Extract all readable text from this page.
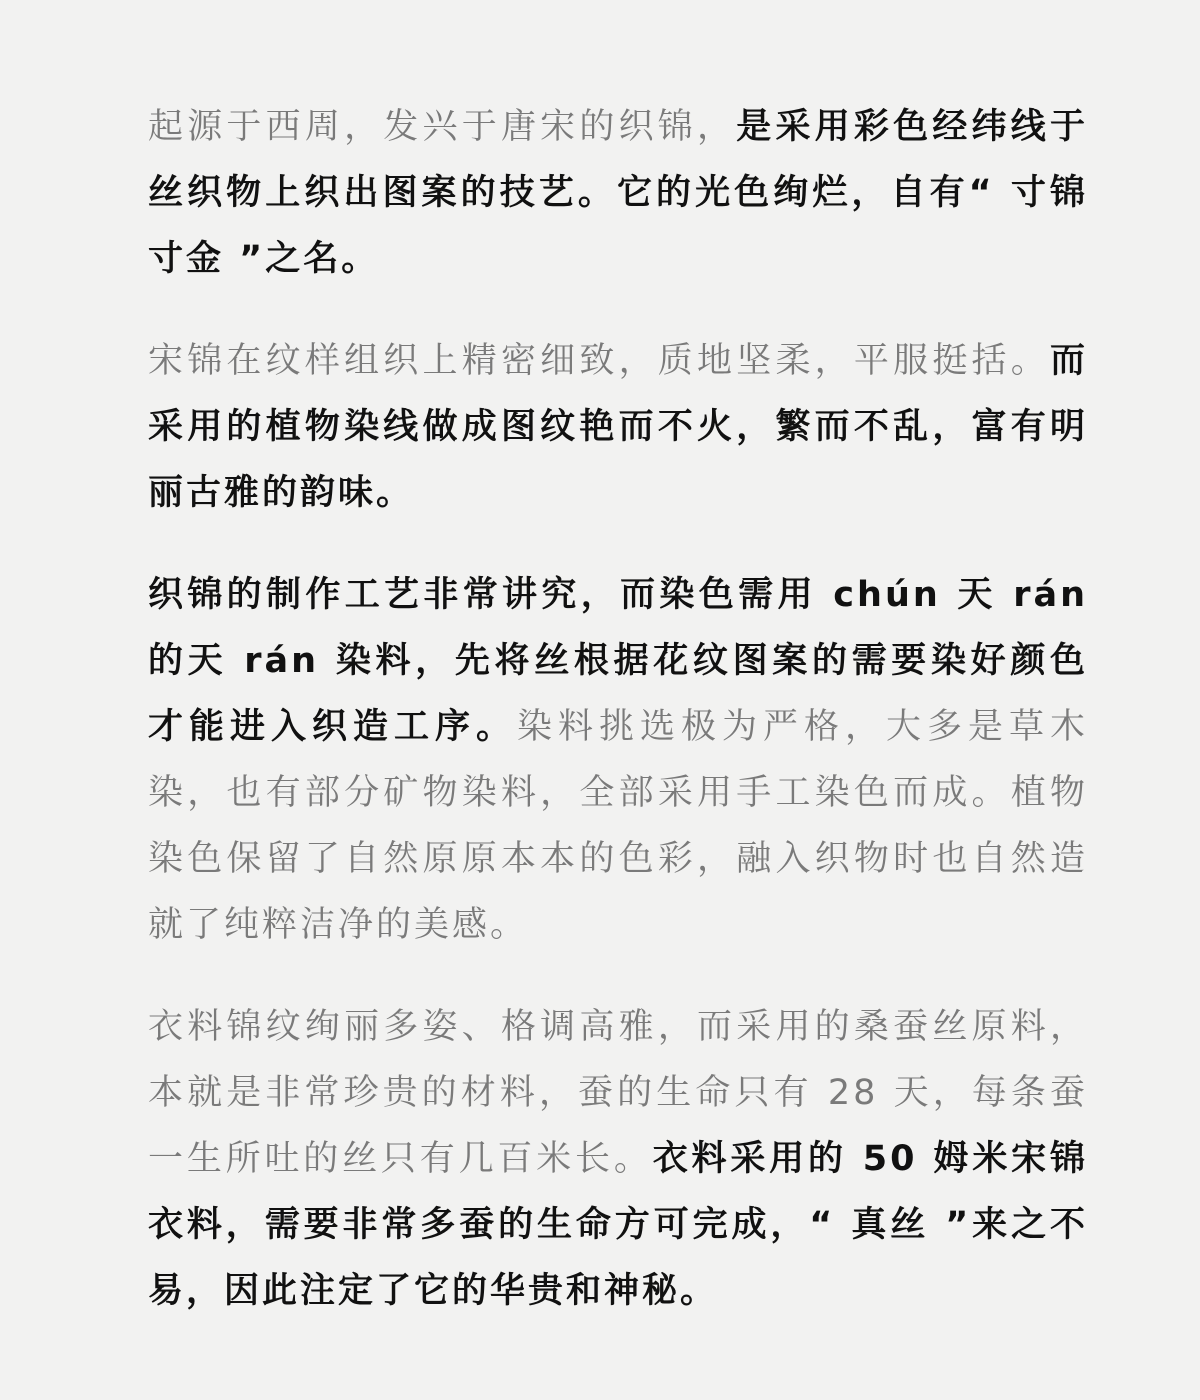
起源于西周，发兴于唐宋的织锦，是采用彩色经纬线于丝织物上织出图案的技艺。它的光色绚烂，自有“ 寸锦寸金 ”之名。

宋锦在纹样组织上精密细致，质地坚柔，平服挺括。而采用的植物染线做成图纹艳而不火，繁而不乱，富有明丽古雅的韵味。

织锦的制作工艺非常讲究，而染色需用 chún 天 rán 的天 rán 染料，先将丝根据花纹图案的需要染好颜色才能进入织造工序。染料挑选极为严格，大多是草木染，也有部分矿物染料，全部采用手工染色而成。植物染色保留了自然原原本本的色彩，融入织物时也自然造就了纯粹洁净的美感。

衣料锦纹绚丽多姿、格调高雅，而采用的桑蚕丝原料，本就是非常珍贵的材料，蚕的生命只有 28 天，每条蚕一生所吐的丝只有几百米长。衣料采用的 50 姆米宋锦衣料，需要非常多蚕的生命方可完成，“ 真丝 ”来之不易，因此注定了它的华贵和神秘。
